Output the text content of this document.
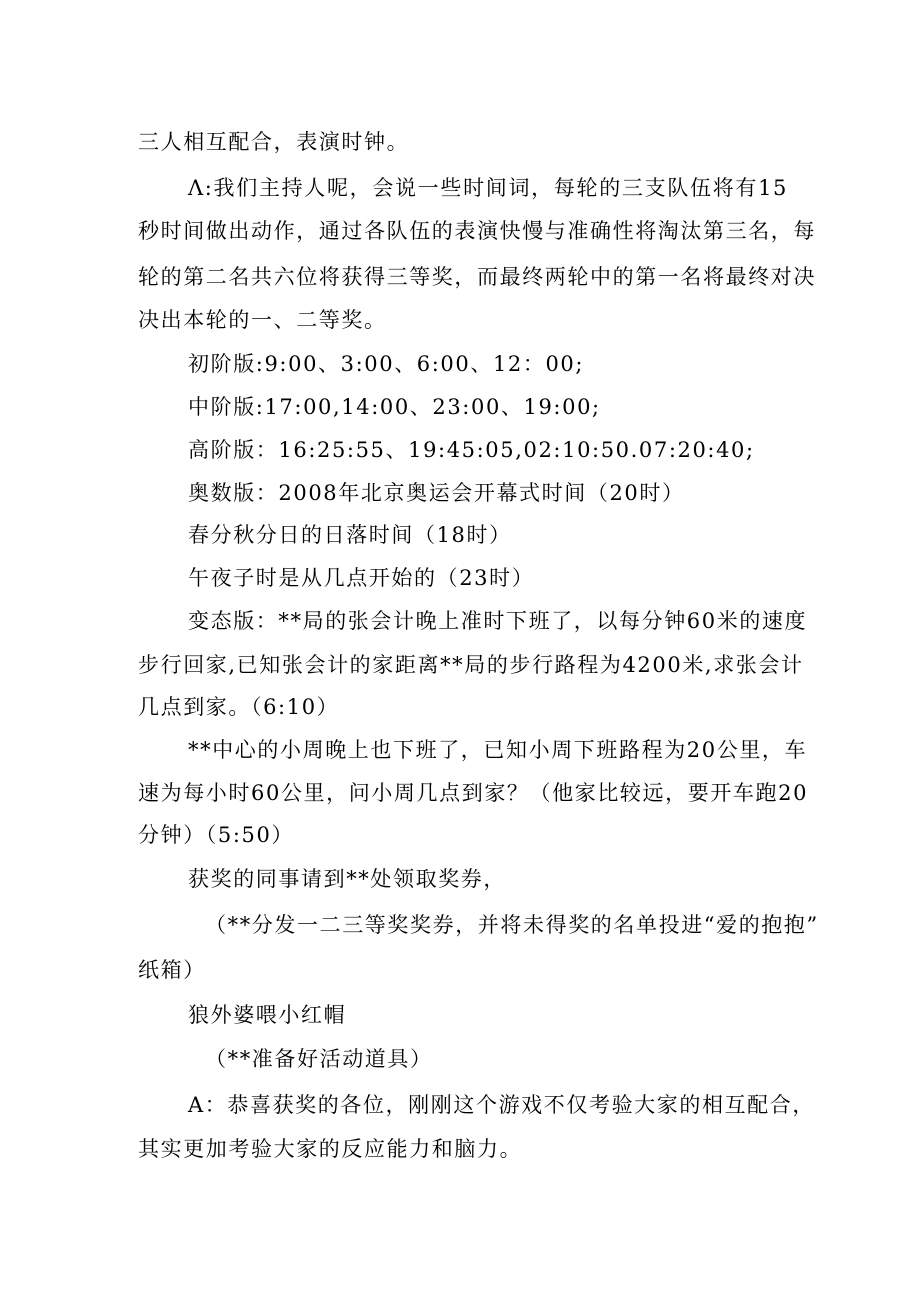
三人相互配合，表演时钟。
Λ:我们主持人呢，会说一些时间词，每轮的三支队伍将有15
秒时间做出动作，通过各队伍的表演快慢与准确性将淘汰第三名，每
轮的第二名共六位将获得三等奖，而最终两轮中的第一名将最终对决
决出本轮的一、二等奖。
初阶版:9:00、3:00、6:00、12：00;
中阶版:17:00,14:00、23:00、19:00;
高阶版：16:25:55、19:45:05,02:10:50.07:20:40;
奥数版：2008年北京奥运会开幕式时间（20时）
春分秋分日的日落时间（18时）
午夜子时是从几点开始的（23时）
变态版：**局的张会计晚上准时下班了，以每分钟60米的速度
步行回家,已知张会计的家距离**局的步行路程为4200米,求张会计
几点到家。（6:10）
**中心的小周晚上也下班了，已知小周下班路程为20公里，车
速为每小时60公里，问小周几点到家？（他家比较远，要开车跑20
分钟）（5:50）
获奖的同事请到**处领取奖券，
（**分发一二三等奖奖券，并将未得奖的名单投进“爱的抱抱”
纸箱）
狼外婆喂小红帽
（**准备好活动道具）
A：恭喜获奖的各位，刚刚这个游戏不仅考验大家的相互配合，
其实更加考验大家的反应能力和脑力。
